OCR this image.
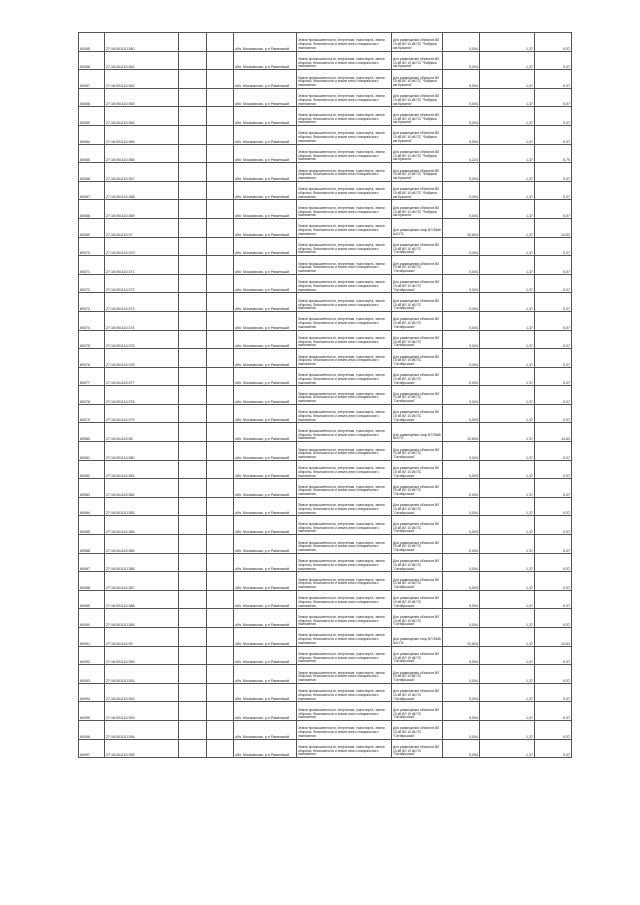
60055	27:16:001110:360			обл. Московская, р-н Раменский	Земли промышленности, энергетики, транспорта, земли обороны, безопасности и земли иного специального назначения	Для размещения объектов ВЛ 10 кВ ВЛ 10 кВ ПС "Фабрика им.Красина"	0,004	1,37	0,07
60056	27:16:001110:361			обл. Московская, р-н Раменский	Земли промышленности, энергетики, транспорта, земли обороны, безопасности и земли иного специального назначения	Для размещения объектов ВЛ 10 кВ ВЛ 10 кВ ПС "Фабрика им.Красина"	0,004	1,37	0,07
60057	27:16:001110:362			обл. Московская, р-н Раменский	Земли промышленности, энергетики, транспорта, земли обороны, безопасности и земли иного специального назначения	Для размещения объектов ВЛ 10 кВ ВЛ 10 кВ ПС "Фабрика им.Красина"	0,004	1,37	0,07
60058	27:16:001110:363			обл. Московская, р-н Раменский	Земли промышленности, энергетики, транспорта, земли обороны, безопасности и земли иного специального назначения	Для размещения объектов ВЛ 10 кВ ВЛ 10 кВ ПС "Фабрика им.Красина"	0,004	1,37	0,07
60059	27:16:001110:364			обл. Московская, р-н Раменский	Земли промышленности, энергетики, транспорта, земли обороны, безопасности и земли иного специального назначения	Для размещения объектов ВЛ 10 кВ ВЛ 10 кВ ПС "Фабрика им.Красина"	0,004	1,37	0,07
60064	27:16:001110:365			обл. Московская, р-н Раменский	Земли промышленности, энергетики, транспорта, земли обороны, безопасности и земли иного специального назначения	Для размещения объектов ВЛ 10 кВ ВЛ 10 кВ ПС "Фабрика им.Красина"	0,004	1,37	0,07
60065	27:16:001110:366			обл. Московская, р-н Раменский	Земли промышленности, энергетики, транспорта, земли обороны, безопасности и земли иного специального назначения	Для размещения объектов ВЛ 10 кВ ВЛ 10 кВ ПС "Фабрика им.Красина"	4,224	1,37	5,79
60066	27:16:001110:367			обл. Московская, р-н Раменский	Земли промышленности, энергетики, транспорта, земли обороны, безопасности и земли иного специального назначения	Для размещения объектов ВЛ 10 кВ ВЛ 10 кВ ПС "Фабрика им.Красина"	0,004	1,37	0,07
60067	27:16:001110:368			обл. Московская, р-н Раменский	Земли промышленности, энергетики, транспорта, земли обороны, безопасности и земли иного специального назначения	Для размещения объектов ВЛ 10 кВ ВЛ 10 кВ ПС "Фабрика им.Красина"	0,004	1,37	0,07
60068	27:16:001110:369			обл. Московская, р-н Раменский	Земли промышленности, энергетики, транспорта, земли обороны, безопасности и земли иного специального назначения	Для размещения объектов ВЛ 10 кВ ВЛ 10 кВ ПС "Фабрика им.Красина"	0,004	1,37	0,07
60069	27:16:001110:37			обл. Московская, р-н Раменский	Земли промышленности, энергетики, транспорта, земли обороны, безопасности и земли иного специального назначения	Для размещения опор ВЛ 35кВ №3 ПС	10,604	1,37	14,53
60070	27:16:001110:370			обл. Московская, р-н Раменский	Земли промышленности, энергетики, транспорта, земли обороны, безопасности и земли иного специального назначения	Для размещения объектов ВЛ 10 кВ ВЛ 10 кВ ПС "Октябрьская"	0,004	1,37	0,07
60071	27:16:001110:371			обл. Московская, р-н Раменский	Земли промышленности, энергетики, транспорта, земли обороны, безопасности и земли иного специального назначения	Для размещения объектов ВЛ 10 кВ ВЛ 10 кВ ПС "Октябрьская"	0,004	1,37	0,07
60072	27:16:001110:372			обл. Московская, р-н Раменский	Земли промышленности, энергетики, транспорта, земли обороны, безопасности и земли иного специального назначения	Для размещения объектов ВЛ 10 кВ ВЛ 10 кВ ПС "Октябрьская"	0,004	1,37	0,07
60073	27:16:001110:373			обл. Московская, р-н Раменский	Земли промышленности, энергетики, транспорта, земли обороны, безопасности и земли иного специального назначения	Для размещения объектов ВЛ 10 кВ ВЛ 10 кВ ПС "Октябрьская"	0,004	1,37	0,07
60074	27:16:001110:374			обл. Московская, р-н Раменский	Земли промышленности, энергетики, транспорта, земли обороны, безопасности и земли иного специального назначения	Для размещения объектов ВЛ 10 кВ ВЛ 10 кВ ПС "Октябрьская"	0,004	1,37	0,07
60075	27:16:001110:375			обл. Московская, р-н Раменский	Земли промышленности, энергетики, транспорта, земли обороны, безопасности и земли иного специального назначения	Для размещения объектов ВЛ 10 кВ ВЛ 10 кВ ПС "Октябрьская"	0,004	1,37	0,07
60076	27:16:001110:376			обл. Московская, р-н Раменский	Земли промышленности, энергетики, транспорта, земли обороны, безопасности и земли иного специального назначения	Для размещения объектов ВЛ 10 кВ ВЛ 10 кВ ПС "Октябрьская"	0,004	1,37	0,07
60077	27:16:001110:377			обл. Московская, р-н Раменский	Земли промышленности, энергетики, транспорта, земли обороны, безопасности и земли иного специального назначения	Для размещения объектов ВЛ 10 кВ ВЛ 10 кВ ПС "Октябрьская"	0,004	1,37	0,07
60078	27:16:001110:378			обл. Московская, р-н Раменский	Земли промышленности, энергетики, транспорта, земли обороны, безопасности и земли иного специального назначения	Для размещения объектов ВЛ 10 кВ ВЛ 10 кВ ПС "Октябрьская"	0,004	1,37	0,07
60079	27:16:001110:379			обл. Московская, р-н Раменский	Земли промышленности, энергетики, транспорта, земли обороны, безопасности и земли иного специального назначения	Для размещения объектов ВЛ 10 кВ ВЛ 10 кВ ПС "Октябрьская"	0,004	1,37	0,07
60080	27:16:001110:38			обл. Московская, р-н Раменский	Земли промышленности, энергетики, транспорта, земли обороны, безопасности и земли иного специального назначения	Для размещения опор ВЛ 35кВ №3 ПС	10,604	1,37	14,53
60081	27:16:001110:380			обл. Московская, р-н Раменский	Земли промышленности, энергетики, транспорта, земли обороны, безопасности и земли иного специального назначения	Для размещения объектов ВЛ 10 кВ ВЛ 10 кВ ПС "Октябрьская"	0,004	1,37	0,07
60082	27:16:001110:381			обл. Московская, р-н Раменский	Земли промышленности, энергетики, транспорта, земли обороны, безопасности и земли иного специального назначения	Для размещения объектов ВЛ 10 кВ ВЛ 10 кВ ПС "Октябрьская"	0,004	1,37	0,07
60083	27:16:001110:382			обл. Московская, р-н Раменский	Земли промышленности, энергетики, транспорта, земли обороны, безопасности и земли иного специального назначения	Для размещения объектов ВЛ 10 кВ ВЛ 10 кВ ПС "Октябрьская"	0,004	1,37	0,07
60084	27:16:001110:383			обл. Московская, р-н Раменский	Земли промышленности, энергетики, транспорта, земли обороны, безопасности и земли иного специального назначения	Для размещения объектов ВЛ 10 кВ ВЛ 10 кВ ПС "Октябрьская"	0,004	1,37	0,07
60085	27:16:001110:384			обл. Московская, р-н Раменский	Земли промышленности, энергетики, транспорта, земли обороны, безопасности и земли иного специального назначения	Для размещения объектов ВЛ 10 кВ ВЛ 10 кВ ПС "Октябрьская"	0,004	1,37	0,07
60086	27:16:001110:385			обл. Московская, р-н Раменский	Земли промышленности, энергетики, транспорта, земли обороны, безопасности и земли иного специального назначения	Для размещения объектов ВЛ 10 кВ ВЛ 10 кВ ПС "Октябрьская"	0,004	1,37	0,07
60087	27:16:001110:386			обл. Московская, р-н Раменский	Земли промышленности, энергетики, транспорта, земли обороны, безопасности и земли иного специального назначения	Для размещения объектов ВЛ 10 кВ ВЛ 10 кВ ПС "Октябрьская"	0,004	1,37	0,07
60088	27:16:001110:387			обл. Московская, р-н Раменский	Земли промышленности, энергетики, транспорта, земли обороны, безопасности и земли иного специального назначения	Для размещения объектов ВЛ 10 кВ ВЛ 10 кВ ПС "Октябрьская"	0,004	1,37	0,07
60089	27:16:001110:388			обл. Московская, р-н Раменский	Земли промышленности, энергетики, транспорта, земли обороны, безопасности и земли иного специального назначения	Для размещения объектов ВЛ 10 кВ ВЛ 10 кВ ПС "Октябрьская"	0,004	1,37	0,07
60090	27:16:001110:389			обл. Московская, р-н Раменский	Земли промышленности, энергетики, транспорта, земли обороны, безопасности и земли иного специального назначения	Для размещения объектов ВЛ 10 кВ ВЛ 10 кВ ПС "Октябрьская"	0,004	1,37	0,07
60091	27:16:001110:39			обл. Московская, р-н Раменский	Земли промышленности, энергетики, транспорта, земли обороны, безопасности и земли иного специального назначения	Для размещения опор ВЛ 35кВ №3 ПС	10,604	1,37	14,53
60092	27:16:001110:390			обл. Московская, р-н Раменский	Земли промышленности, энергетики, транспорта, земли обороны, безопасности и земли иного специального назначения	Для размещения объектов ВЛ 10 кВ ВЛ 10 кВ ПС "Октябрьская"	0,004	1,37	0,07
60093	27:16:001110:391			обл. Московская, р-н Раменский	Земли промышленности, энергетики, транспорта, земли обороны, безопасности и земли иного специального назначения	Для размещения объектов ВЛ 10 кВ ВЛ 10 кВ ПС "Октябрьская"	0,004	1,37	0,07
60094	27:16:001110:392			обл. Московская, р-н Раменский	Земли промышленности, энергетики, транспорта, земли обороны, безопасности и земли иного специального назначения	Для размещения объектов ВЛ 10 кВ ВЛ 10 кВ ПС "Октябрьская"	0,004	1,37	0,07
60095	27:16:001110:393			обл. Московская, р-н Раменский	Земли промышленности, энергетики, транспорта, земли обороны, безопасности и земли иного специального назначения	Для размещения объектов ВЛ 10 кВ ВЛ 10 кВ ПС "Октябрьская"	0,004	1,37	0,07
60096	27:16:001110:394			обл. Московская, р-н Раменский	Земли промышленности, энергетики, транспорта, земли обороны, безопасности и земли иного специального назначения	Для размещения объектов ВЛ 10 кВ ВЛ 10 кВ ПС "Октябрьская"	0,004	1,37	0,07
60097	27:16:001110:395			обл. Московская, р-н Раменский	Земли промышленности, энергетики, транспорта, земли обороны, безопасности и земли иного специального назначения	Для размещения объектов ВЛ 10 кВ ВЛ 10 кВ ПС "Октябрьская"	0,004	1,37	0,07
